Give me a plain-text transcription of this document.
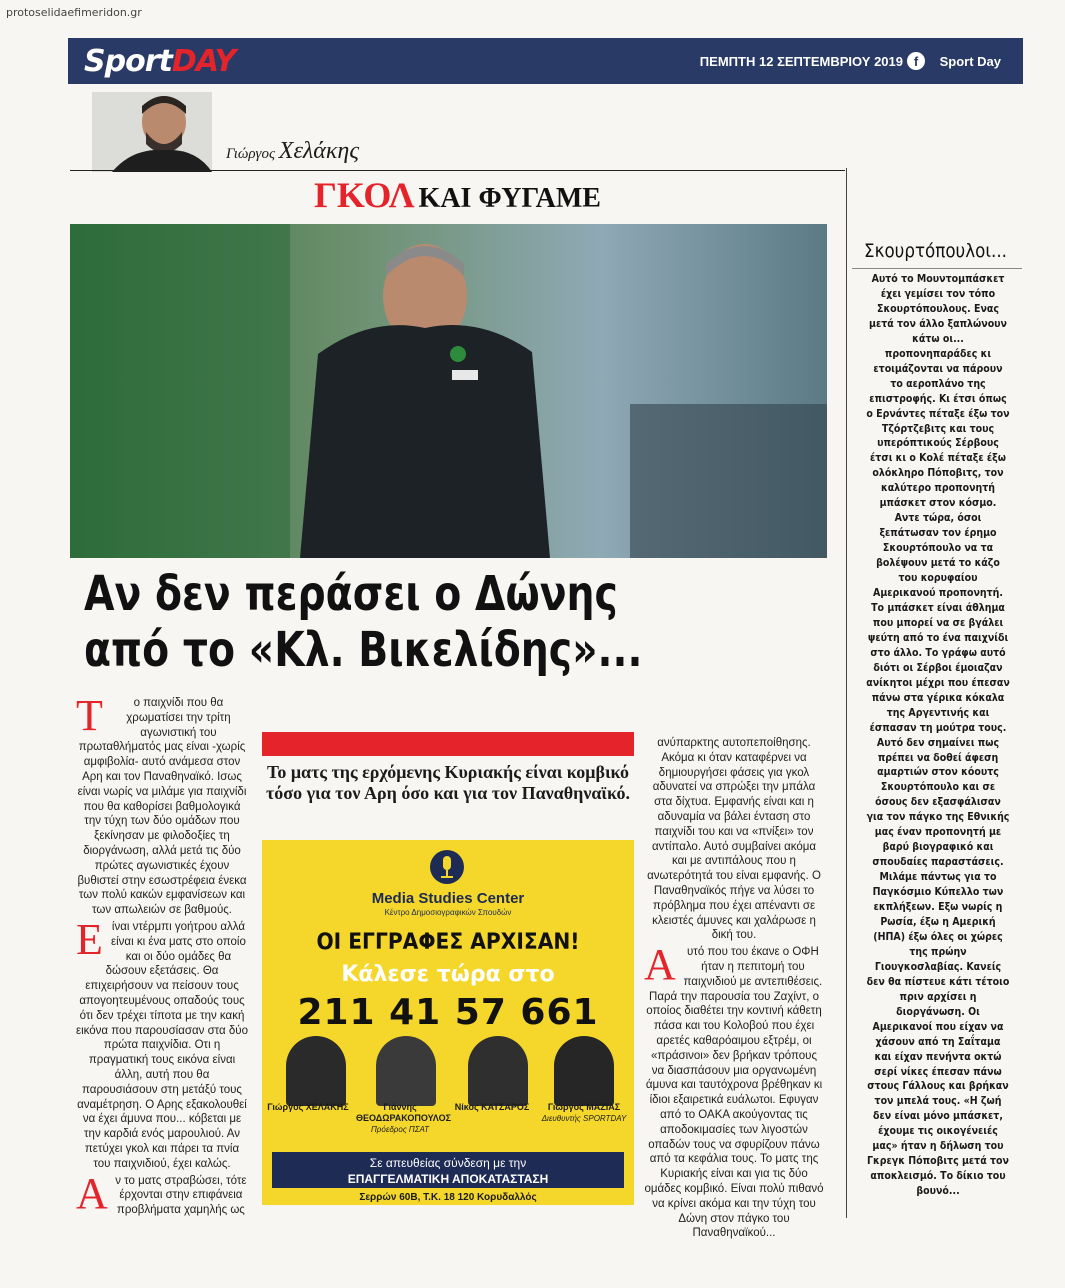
protoselidaefimeridon.gr
SportDAY	ΠΕΜΠΤΗ 12 ΣΕΠΤΕΜΒΡΙΟΥ 2019 f	Sport Day
Γιώργος Χελάκης
ΓΚΟΛ ΚΑΙ ΦΥΓΑΜΕ
Αν δεν περάσει ο Δώνης
από το «Κλ. Βικελίδης»...

Τ	ο παιχνίδι που θα χρωματίσει την τρίτη αγωνιστική του πρωταθλήματός μας είναι -χωρίς αμφιβολία- αυτό ανάμεσα στον Αρη και τον Παναθηναϊκό. Ισως είναι νωρίς να μιλάμε για παιχνίδι που θα καθορίσει βαθμολογικά την τύχη των δύο ομάδων που ξεκίνησαν με φιλοδοξίες τη διοργάνωση, αλλά μετά τις δύο πρώτες αγωνιστικές έχουν βυθιστεί στην εσωστρέφεια ένεκα των πολύ κακών εμφανίσεων και των απωλειών σε βαθμούς.

Είναι ντέρμπι γοήτρου αλλά είναι κι ένα ματς στο οποίο και οι δύο ομάδες θα δώσουν εξετάσεις. Θα επιχειρήσουν να πείσουν τους απογοητευμένους οπαδούς τους ότι δεν τρέχει τίποτα με την κακή εικόνα που παρουσίασαν στα δύο πρώτα παιχνίδια. Οτι η πραγματική τους εικόνα είναι άλλη, αυτή που θα παρουσιάσουν στη μετάξύ τους αναμέτρηση. Ο Αρης εξακολουθεί να έχει άμυνα που... κόβεται με την καρδιά ενός μαρουλιού. Αν πετύχει γκολ και πάρει τα πνία του παιχνιδιού, έχει καλώς.

Αν το ματς στραβώσει, τότε έρχονται στην επιφάνεια προβλήματα χαμηλής ως

Το ματς της ερχόμενης Κυριακής είναι κομβικό τόσο για τον Αρη όσο και για τον Παναθηναϊκό.
Media Studies Center
Κέντρο Δημοσιογραφικών Σπουδών
ΟΙ ΕΓΓΡΑΦΕΣ ΑΡΧΙΣΑΝ!
Κάλεσε τώρα στο
211 41 57 661
Γιώργος ΧΕΛΑΚΗΣ	Γιάννης ΘΕΟΔΩΡΑΚΟΠΟΥΛΟΣ
Πρόεδρος ΠΣΑΤ
Νίκος ΚΑΤΣΑΡΟΣ	Γιώργος ΜΑΖΙΑΣ
Διευθυντής SPORTDAY
Σε απευθείας σύνδεση με την
ΕΠΑΓΓΕΛΜΑΤΙΚΗ ΑΠΟΚΑΤΑΣΤΑΣΗ
Σερρών 60Β, Τ.Κ. 18 120 Κορυδαλλός

ανύπαρκτης αυτοπεποίθησης. Ακόμα κι όταν καταφέρνει να δημιουργήσει φάσεις για γκολ αδυνατεί να σπρώξει την μπάλα στα δίχτυα. Εμφανής είναι και η αδυναμία να βάλει ένταση στο παιχνίδι του και να «πνίξει» τον αντίπαλο. Αυτό συμβαίνει ακόμα και με αντιπάλους που η ανωτερότητά του είναι εμφανής. Ο Παναθηναϊκός πήγε να λύσει το πρόβλημα που έχει απέναντι σε κλειστές άμυνες και χαλάρωσε η δική του.

Αυτό που του έκανε ο ΟΦΗ ήταν η πεπιτομή του παιχνιδιού με αντεπιθέσεις. Παρά την παρουσία του Ζαχίντ, ο οποίος διαθέτει την κοντινή κάθετη πάσα και του Κολοβού που έχει αρετές καθαρόαιμου εξτρέμ, οι «πράσινοι» δεν βρήκαν τρόπους να διασπάσουν μια οργανωμένη άμυνα και ταυτόχρονα βρέθηκαν κι ίδιοι εξαιρετικά ευάλωτοι. Εφυγαν από το ΟΑΚΑ ακούγοντας τις αποδοκιμασίες των λιγοστών οπαδών τους να σφυρίζουν πάνω από τα κεφάλια τους. Το ματς της Κυριακής είναι και για τις δύο ομάδες κομβικό. Είναι πολύ πιθανό να κρίνει ακόμα και την τύχη του Δώνη στον πάγκο του Παναθηναϊκού...

Σκουρτόπουλοι...
Αυτό το Μουντομπάσκετ έχει γεμίσει τον τόπο Σκουρτόπουλους. Ενας μετά τον άλλο ξαπλώνουν κάτω οι... προπονηπαράδες κι ετοιμάζονται να πάρουν το αεροπλάνο της επιστροφής. Κι έτσι όπως ο Ερνάντες πέταξε έξω τον Τζόρτζεβιτς και τους υπερόπτικούς Σέρβους έτσι κι ο Κολέ πέταξε έξω ολόκληρο Πόποβιτς, τον καλύτερο προπονητή μπάσκετ στον κόσμο. Αντε τώρα, όσοι ξεπάτωσαν τον έρημο Σκουρτόπουλο να τα βολέψουν μετά το κάζο του κορυφαίου Αμερικανού προπονητή. Το μπάσκετ είναι άθλημα που μπορεί να σε βγάλει ψεύτη από το ένα παιχνίδι στο άλλο. Το γράφω αυτό διότι οι Σέρβοι έμοιαζαν ανίκητοι μέχρι που έπεσαν πάνω στα γέρικα κόκαλα της Αργεντινής και έσπασαν τη μούτρα τους. Αυτό δεν σημαίνει πως πρέπει να δοθεί άφεση αμαρτιών στον κόουτς Σκουρτόπουλο και σε όσους δεν εξασφάλισαν για τον πάγκο της Εθνικής μας έναν προπονητή με βαρύ βιογραφικό και σπουδαίες παραστάσεις. Μιλάμε πάντως για το Παγκόσμιο Κύπελλο των εκπλήξεων. Εξω νωρίς η Ρωσία, έξω η Αμερική (ΗΠΑ) έξω όλες οι χώρες της πρώην Γιουγκοσλαβίας. Κανείς δεν θα πίστευε κάτι τέτοιο πριν αρχίσει η διοργάνωση. Οι Αμερικανοί που είχαν να χάσουν από τη Σαΐταμα και είχαν πενήντα οκτώ σερί νίκες έπεσαν πάνω στους Γάλλους και βρήκαν τον μπελά τους. «Η ζωή δεν είναι μόνο μπάσκετ, έχουμε τις οικογένειές μας» ήταν η δήλωση του Γκρεγκ Πόποβιτς μετά τον αποκλεισμό. Το δίκιο του βουνό...
